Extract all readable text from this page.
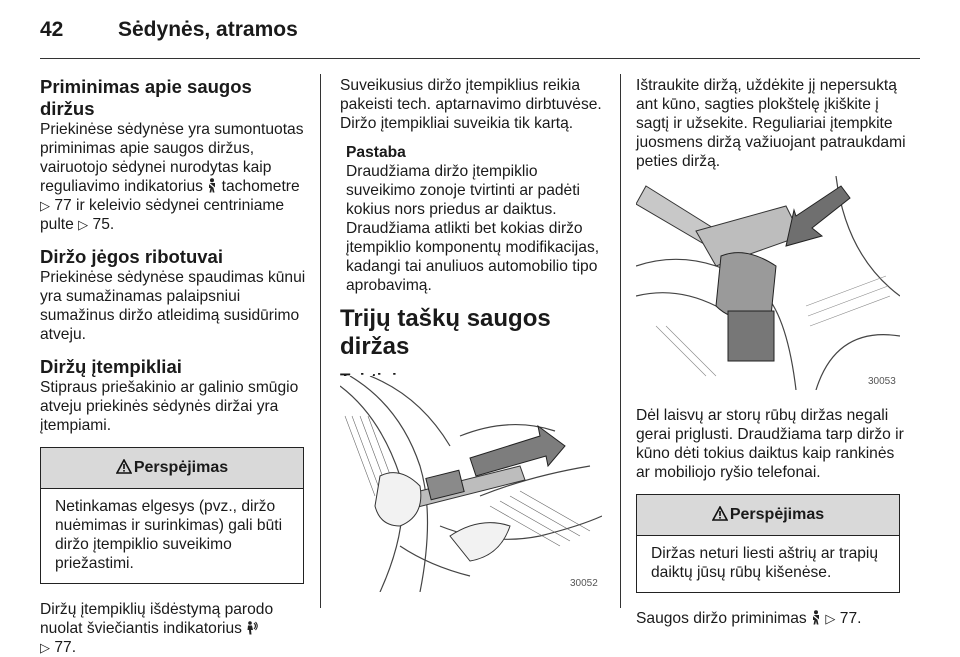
42	Sėdynės, atramos
Priminimas apie saugos diržus

Priekinėse sėdynėse yra sumontuotas priminimas apie saugos diržus, vairuotojo sėdynei nurodytas kaip reguliavimo indikatorius tachometre ▷ 77 ir keleivio sėdynei centriniame pulte ▷ 75.

Diržo jėgos ribotuvai

Priekinėse sėdynėse spaudimas kūnui yra sumažinamas palaipsniui sumažinus diržo atleidimą susidūrimo atveju.

Diržų įtempikliai

Stipraus priešakinio ar galinio smūgio atveju priekinės sėdynės diržai yra įtempiami.

Perspėjimas
Netinkamas elgesys (pvz., diržo nuėmimas ir surinkimas) gali būti diržo įtempiklio suveikimo priežastimi.

Diržų įtempiklių išdėstymą parodo nuolat šviečiantis indikatorius
▷ 77.

Suveikusius diržo įtempiklius reikia pakeisti tech. aptarnavimo dirbtuvėse. Diržo įtempikliai suveikia tik kartą.

Pastaba

Draudžiama diržo įtempiklio suveikimo zonoje tvirtinti ar padėti kokius nors priedus ar daiktus. Draudžiama atlikti bet kokias diržo įtempiklio komponentų modifikacijas, kadangi tai anuliuos automobilio tipo aprobavimą.

Trijų taškų saugos diržas
30052

Ištraukite diržą, uždėkite jį nepersuktą ant kūno, sagties plokštelę įkiškite į sagtį ir užsekite. Reguliariai įtempkite juosmens diržą važiuojant patraukdami peties diržą.

30053

Dėl laisvų ar storų rūbų diržas negali gerai priglusti. Draudžiama tarp diržo ir kūno dėti tokius daiktus kaip rankinės ar mobiliojo ryšio telefonai.

Perspėjimas
Diržas neturi liesti aštrių ar trapių daiktų jūsų rūbų kišenėse.

Saugos diržo priminimas ▷ 77.
